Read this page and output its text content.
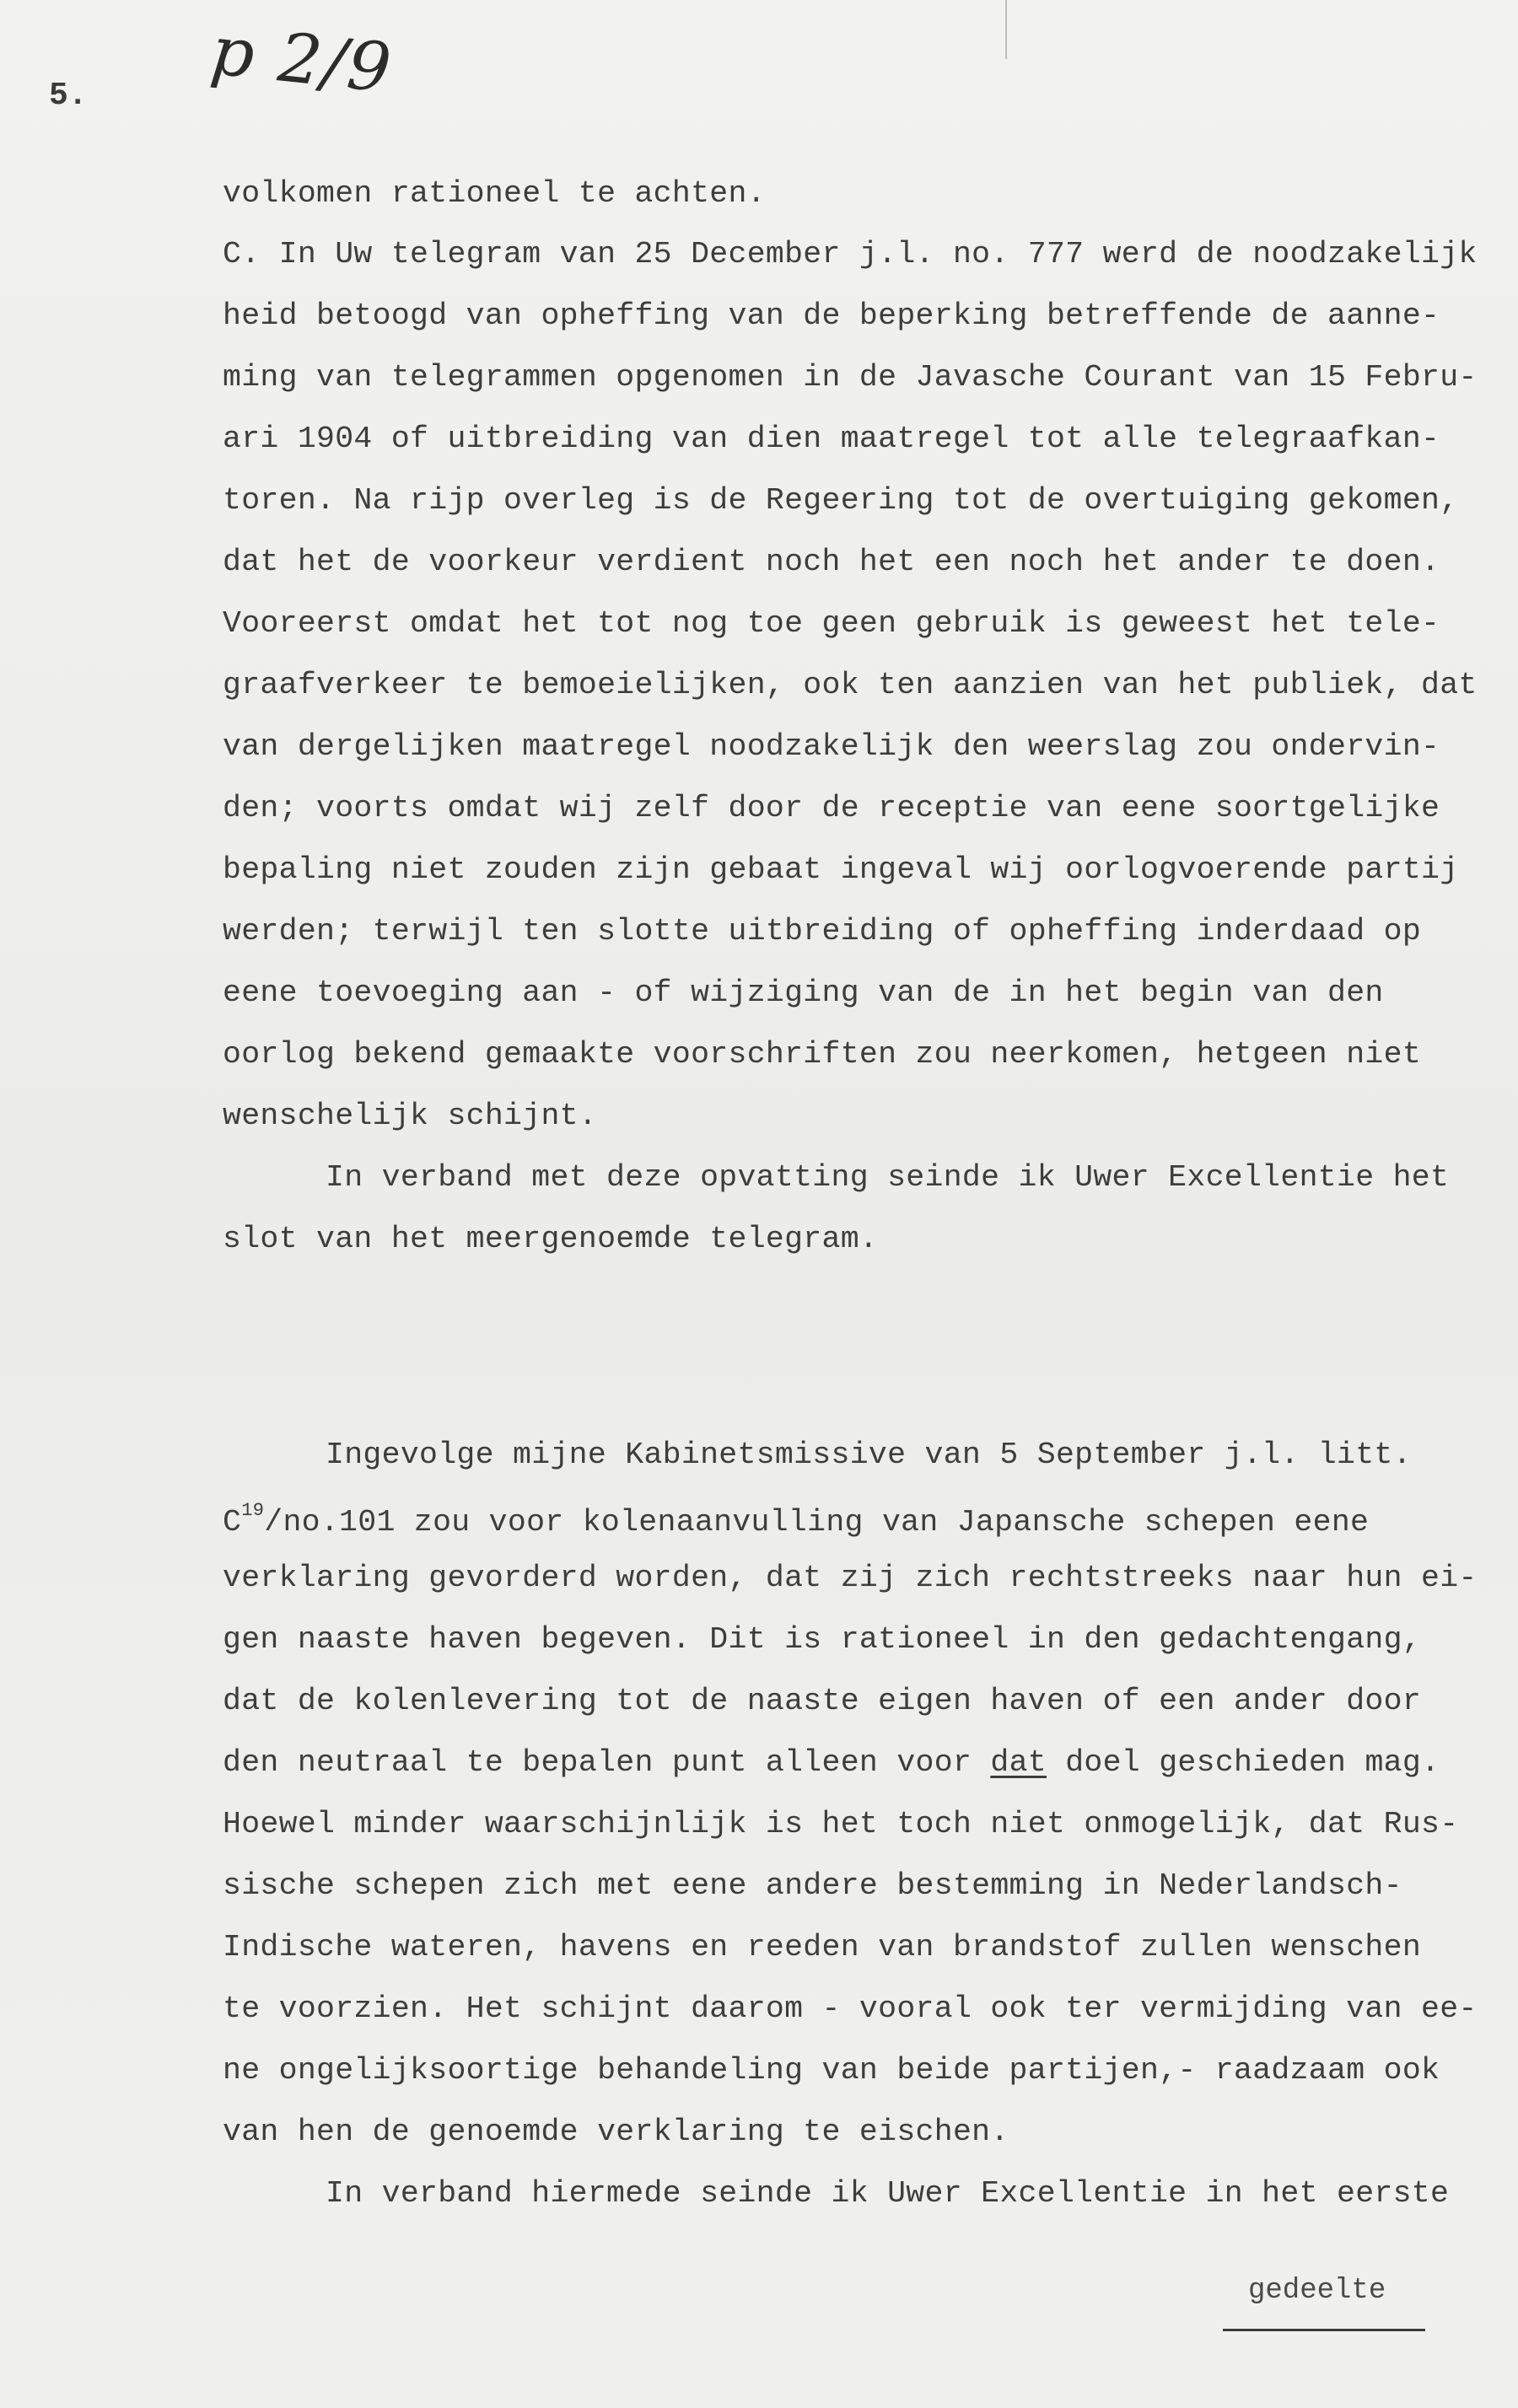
p 2/9
5.
volkomen rationeel te achten.
C. In Uw telegram van 25 December j.l. no. 777 werd de noodzakelijk
heid betoogd van opheffing van de beperking betreffende de aanne-
ming van telegrammen opgenomen in de Javasche Courant van 15 Febru-
ari 1904 of uitbreiding van dien maatregel tot alle telegraafkan-
toren. Na rijp overleg is de Regeering tot de overtuiging gekomen,
dat het de voorkeur verdient noch het een noch het ander te doen.
Vooreerst omdat het tot nog toe geen gebruik is geweest het tele-
graafverkeer te bemoeielijken, ook ten aanzien van het publiek, dat
van dergelijken maatregel noodzakelijk den weerslag zou ondervin-
den; voorts omdat wij zelf door de receptie van eene soortgelijke
bepaling niet zouden zijn gebaat ingeval wij oorlogvoerende partij
werden; terwijl ten slotte uitbreiding of opheffing inderdaad op
eene toevoeging aan - of wijziging van de in het begin van den
oorlog bekend gemaakte voorschriften zou neerkomen, hetgeen niet
wenschelijk schijnt.
In verband met deze opvatting seinde ik Uwer Excellentie het
slot van het meergenoemde telegram.
Ingevolge mijne Kabinetsmissive van 5 September j.l. litt.
$C^{19}/no.101$ zou voor kolenaanvulling van Japansche schepen eene
verklaring gevorderd worden, dat zij zich rechtstreeks naar hun ei-
gen naaste haven begeven. Dit is rationeel in den gedachtengang,
dat de kolenlevering tot de naaste eigen haven of een ander door
den neutraal te bepalen punt alleen voor dat doel geschieden mag.
Hoewel minder waarschijnlijk is het toch niet onmogelijk, dat Rus-
sische schepen zich met eene andere bestemming in Nederlandsch-
Indische wateren, havens en reeden van brandstof zullen wenschen
te voorzien. Het schijnt daarom - vooral ook ter vermijding van ee-
ne ongelijksoortige behandeling van beide partijen,- raadzaam ook
van hen de genoemde verklaring te eischen.
In verband hiermede seinde ik Uwer Excellentie in het eerste
gedeelte
